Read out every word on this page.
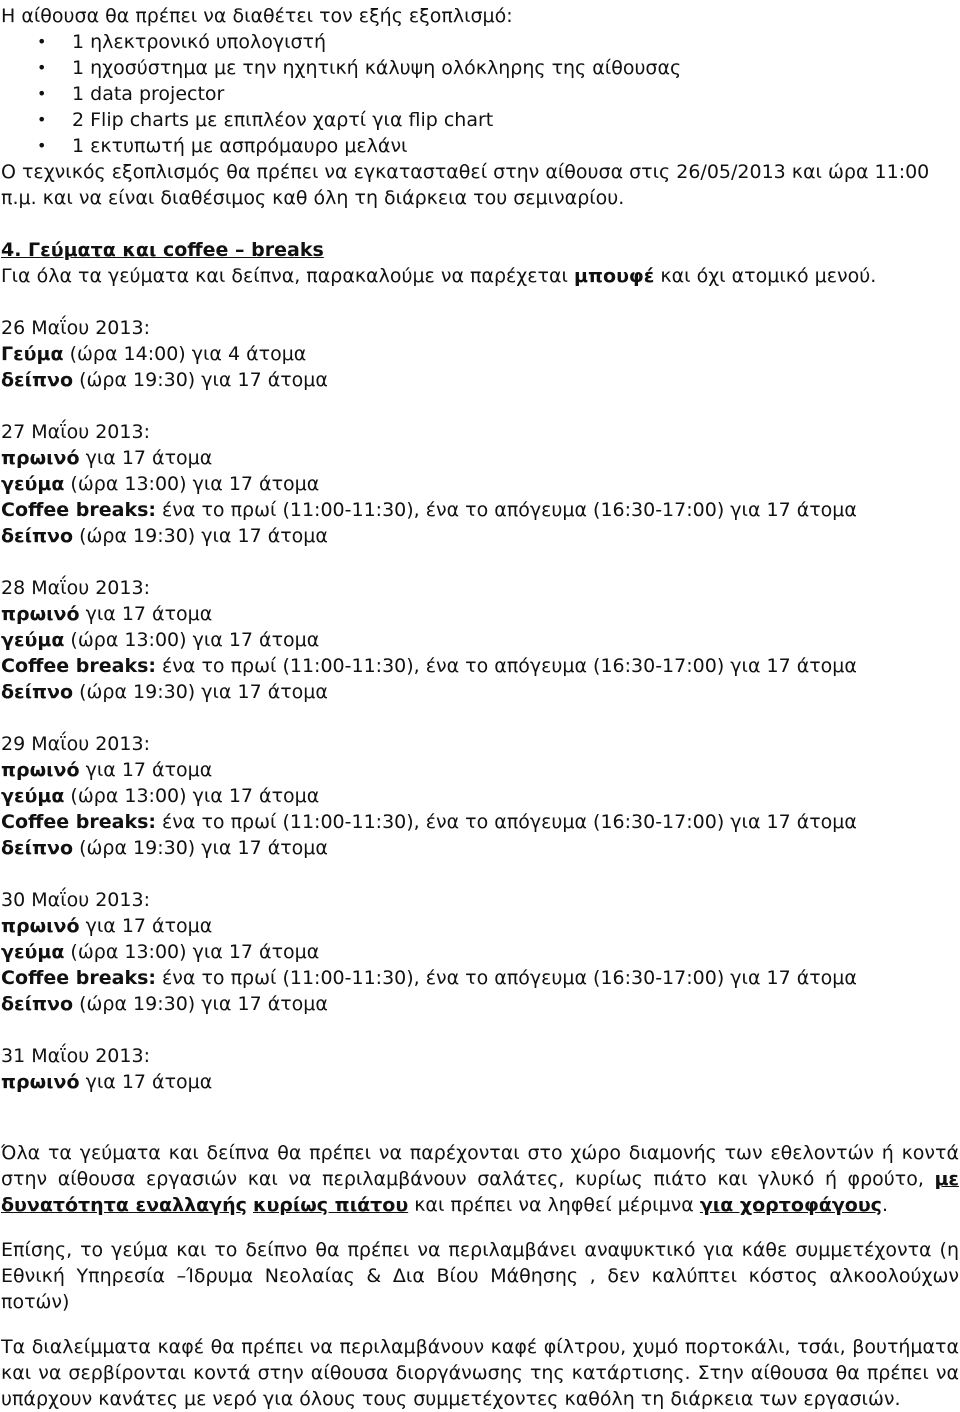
Η αίθουσα θα πρέπει να διαθέτει τον εξής εξοπλισμό:

• 1 ηλεκτρονικό υπολογιστή
• 1 ηχοσύστημα με την ηχητική κάλυψη ολόκληρης της αίθουσας
• 1 data projector
• 2 Flip charts με επιπλέον χαρτί για flip chart
• 1 εκτυπωτή με ασπρόμαυρο μελάνι

Ο τεχνικός εξοπλισμός θα πρέπει να εγκατασταθεί στην αίθουσα στις 26/05/2013 και ώρα 11:00

π.μ. και να είναι διαθέσιμος καθ όλη τη διάρκεια του σεμιναρίου.

4. Γεύματα και coffee – breaks

Για όλα τα γεύματα και δείπνα, παρακαλούμε να παρέχεται μπουφέ και όχι ατομικό μενού.

26 Μαΐου 2013:

Γεύμα (ώρα 14:00) για 4 άτομα

δείπνο (ώρα 19:30) για 17 άτομα

27 Μαΐου 2013:

πρωινό για 17 άτομα

γεύμα (ώρα 13:00) για 17 άτομα

Coffee breaks: ένα το πρωί (11:00-11:30), ένα το απόγευμα (16:30-17:00) για 17 άτομα

δείπνο (ώρα 19:30) για 17 άτομα

28 Μαΐου 2013:

πρωινό για 17 άτομα

γεύμα (ώρα 13:00) για 17 άτομα

Coffee breaks: ένα το πρωί (11:00-11:30), ένα το απόγευμα (16:30-17:00) για 17 άτομα

δείπνο (ώρα 19:30) για 17 άτομα

29 Μαΐου 2013:

πρωινό για 17 άτομα

γεύμα (ώρα 13:00) για 17 άτομα

Coffee breaks: ένα το πρωί (11:00-11:30), ένα το απόγευμα (16:30-17:00) για 17 άτομα

δείπνο (ώρα 19:30) για 17 άτομα

30 Μαΐου 2013:

πρωινό για 17 άτομα

γεύμα (ώρα 13:00) για 17 άτομα

Coffee breaks: ένα το πρωί (11:00-11:30), ένα το απόγευμα (16:30-17:00) για 17 άτομα

δείπνο (ώρα 19:30) για 17 άτομα

31 Μαΐου 2013:

πρωινό για 17 άτομα

Όλα τα γεύματα και δείπνα θα πρέπει να παρέχονται στο χώρο διαμονής των εθελοντών ή κοντά στην αίθουσα εργασιών και να περιλαμβάνουν σαλάτες, κυρίως πιάτο και γλυκό ή φρούτο, με δυνατότητα εναλλαγής κυρίως πιάτου και πρέπει να ληφθεί μέριμνα για χορτοφάγους.

Επίσης, το γεύμα και το δείπνο θα πρέπει να περιλαμβάνει αναψυκτικό για κάθε συμμετέχοντα (η Εθνική Υπηρεσία –Ίδρυμα Νεολαίας & Δια Βίου Μάθησης , δεν καλύπτει κόστος αλκοολούχων ποτών)

Τα διαλείμματα καφέ θα πρέπει να περιλαμβάνουν καφέ φίλτρου, χυμό πορτοκάλι, τσάι, βουτήματα και να σερβίρονται κοντά στην αίθουσα διοργάνωσης της κατάρτισης. Στην αίθουσα θα πρέπει να υπάρχουν κανάτες με νερό για όλους τους συμμετέχοντες καθόλη τη διάρκεια των εργασιών.
